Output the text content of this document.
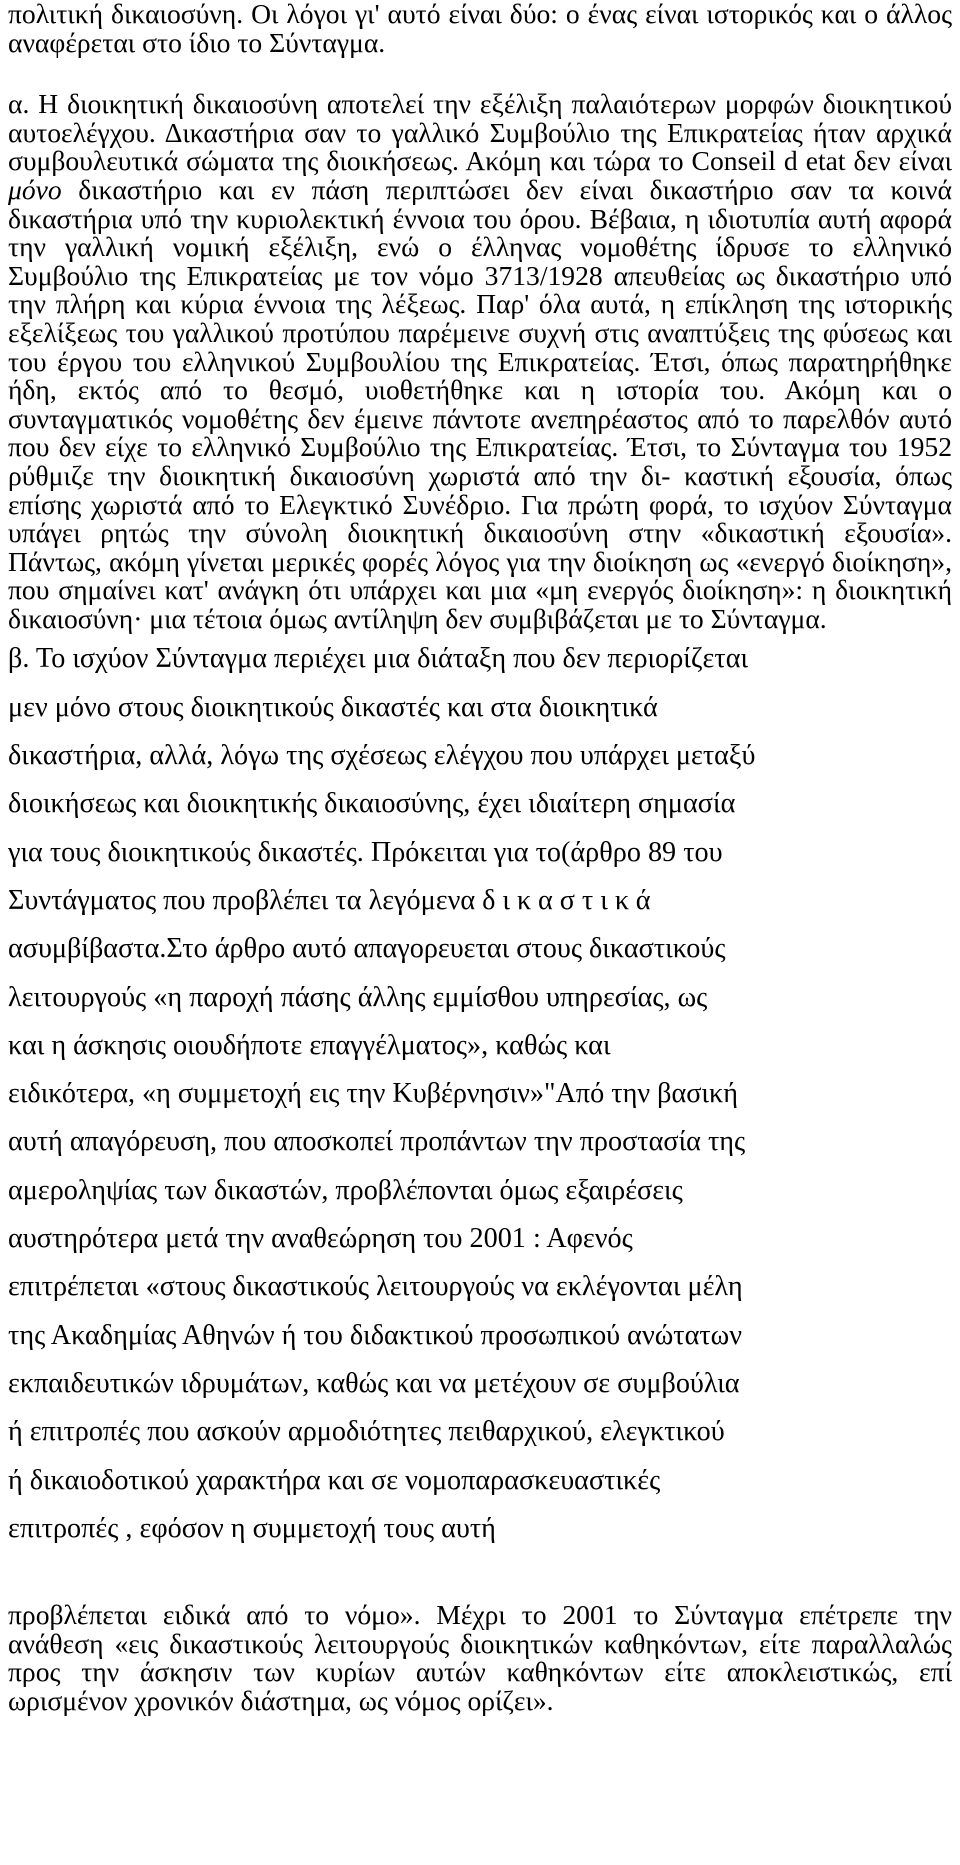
πολιτική δικαιοσύνη. Οι λόγοι γι' αυτό είναι δύο: ο ένας είναι ιστορικός και ο άλλος αναφέρεται στο ίδιο το Σύνταγμα.

α. Η διοικητική δικαιοσύνη αποτελεί την εξέλιξη παλαιότερων μορφών διοικητικού αυτοελέγχου. Δικαστήρια σαν το γαλλικό Συμβούλιο της Επικρατείας ήταν αρχικά συμβουλευτικά σώματα της διοικήσεως. Ακόμη και τώρα το Conseil d etat δεν είναι μόνο δικαστήριο και εν πάση περιπτώσει δεν είναι δικαστήριο σαν τα κοινά δικαστήρια υπό την κυριολεκτική έννοια του όρου. Βέβαια, η ιδιοτυπία αυτή αφορά την γαλλική νομική εξέλιξη, ενώ ο έλληνας νομοθέτης ίδρυσε το ελληνικό Συμβούλιο της Επικρατείας με τον νόμο 3713/1928 απευθείας ως δικαστήριο υπό την πλήρη και κύρια έννοια της λέξεως. Παρ' όλα αυτά, η επίκληση της ιστορικής εξελίξεως του γαλλικού προτύπου παρέμεινε συχνή στις αναπτύξεις της φύσεως και του έργου του ελληνικού Συμβουλίου της Επικρατείας. Έτσι, όπως παρατηρήθηκε ήδη, εκτός από το θεσμό, υιοθετήθηκε και η ιστορία του. Ακόμη και ο συνταγματικός νομοθέτης δεν έμεινε πάντοτε ανεπηρέαστος από το παρελθόν αυτό που δεν είχε το ελληνικό Συμβούλιο της Επικρατείας. Έτσι, το Σύνταγμα του 1952 ρύθμιζε την διοικητική δικαιοσύνη χωριστά από την δι- καστική εξουσία, όπως επίσης χωριστά από το Ελεγκτικό Συνέδριο. Για πρώτη φορά, το ισχύον Σύνταγμα υπάγει ρητώς την σύνολη διοικητική δικαιοσύνη στην «δικαστική εξουσία». Πάντως, ακόμη γίνεται μερικές φορές λόγος για την διοίκηση ως «ενεργό διοίκηση», που σημαίνει κατ' ανάγκη ότι υπάρχει και μια «μη ενεργός διοίκηση»: η διοικητική δικαιοσύνη· μια τέτοια όμως αντίληψη δεν συμβιβάζεται με το Σύνταγμα.

β. Το ισχύον Σύνταγμα περιέχει μια διάταξη που δεν περιορίζεται

μεν μόνο στους διοικητικούς δικαστές και στα διοικητικά

δικαστήρια, αλλά, λόγω της σχέσεως ελέγχου που υπάρχει μεταξύ

διοικήσεως και διοικητικής δικαιοσύνης, έχει ιδιαίτερη σημασία

για τους διοικητικούς δικαστές. Πρόκειται για το(άρθρο 89 του

Συντάγματος που προβλέπει τα λεγόμενα δικαστικά

ασυμβίβαστα.Στο άρθρο αυτό απαγορευεται στους δικαστικούς

λειτουργούς «η παροχή πάσης άλλης εμμίσθου υπηρεσίας, ως

και η άσκησις οιουδήποτε επαγγέλματος», καθώς και

ειδικότερα, «η συμμετοχή εις την Κυβέρνησιν»"Από την βασική

αυτή απαγόρευση, που αποσκοπεί προπάντων την προστασία της

αμεροληψίας των δικαστών, προβλέπονται όμως εξαιρέσεις

αυστηρότερα μετά την αναθεώρηση του 2001 : Αφενός

επιτρέπεται «στους δικαστικούς λειτουργούς να εκλέγονται μέλη

της Ακαδημίας Αθηνών ή του διδακτικού προσωπικού ανώτατων

εκπαιδευτικών ιδρυμάτων, καθώς και να μετέχουν σε συμβούλια

ή επιτροπές που ασκούν αρμοδιότητες πειθαρχικού, ελεγκτικού

ή δικαιοδοτικού χαρακτήρα και σε νομοπαρασκευαστικές

επιτροπές , εφόσον η συμμετοχή τους αυτή

προβλέπεται ειδικά από το νόμο». Μέχρι το 2001 το Σύνταγμα επέτρεπε την ανάθεση «εις δικαστικούς λειτουργούς διοικητικών καθηκόντων, είτε παραλλαλώς προς την άσκησιν των κυρίων αυτών καθηκόντων είτε αποκλειστικώς, επί ωρισμένον χρονικόν διάστημα, ως νόμος ορίζει».
